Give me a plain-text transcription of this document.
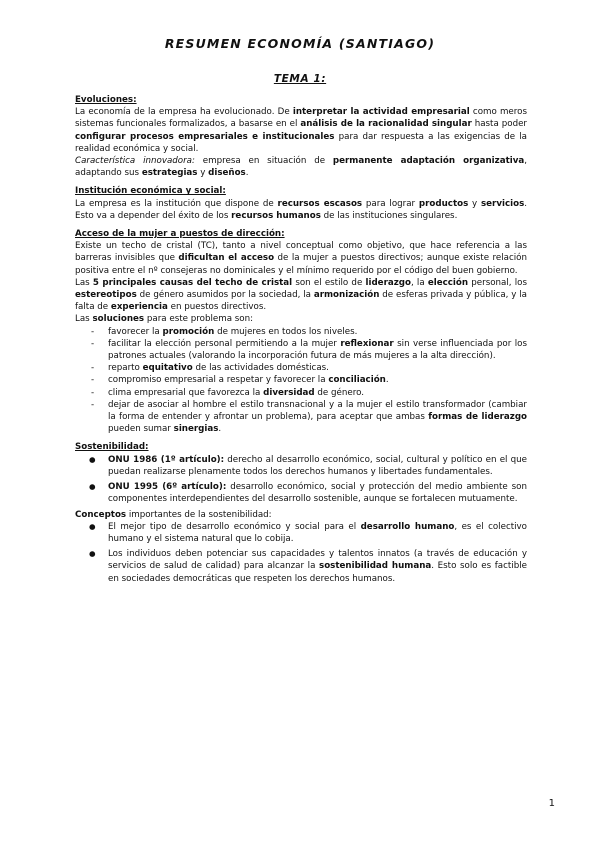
RESUMEN ECONOMÍA (SANTIAGO)
TEMA 1:
Evoluciones:

La economía de la empresa ha evolucionado. De interpretar la actividad empresarial como meros sistemas funcionales formalizados, a basarse en el análisis de la racionalidad singular hasta poder configurar procesos empresariales e institucionales para dar respuesta a las exigencias de la realidad económica y social.

Característica innovadora: empresa en situación de permanente adaptación organizativa, adaptando sus estrategias y diseños.

Institución económica y social:

La empresa es la institución que dispone de recursos escasos para lograr productos y servicios. Esto va a depender del éxito de los recursos humanos de las instituciones singulares.

Acceso de la mujer a puestos de dirección:

Existe un techo de cristal (TC), tanto a nivel conceptual como objetivo, que hace referencia a las barreras invisibles que dificultan el acceso de la mujer a puestos directivos; aunque existe relación positiva entre el nº consejeras no dominicales y el mínimo requerido por el código del buen gobierno.

Las 5 principales causas del techo de cristal son el estilo de liderazgo, la elección personal, los estereotipos de género asumidos por la sociedad, la armonización de esferas privada y pública, y la falta de experiencia en puestos directivos.

Las soluciones para este problema son:

- favorecer la promoción de mujeres en todos los niveles.
- facilitar la elección personal permitiendo a la mujer reflexionar sin verse influenciada por los patrones actuales (valorando la incorporación futura de más mujeres a la alta dirección).
- reparto equitativo de las actividades domésticas.
- compromiso empresarial a respetar y favorecer la conciliación.
- clima empresarial que favorezca la diversidad de género.
- dejar de asociar al hombre el estilo transnacional y a la mujer el estilo transformador (cambiar la forma de entender y afrontar un problema), para aceptar que ambas formas de liderazgo pueden sumar sinergias.
Sostenibilidad:
● ONU 1986 (1º artículo): derecho al desarrollo económico, social, cultural y político en el que puedan realizarse plenamente todos los derechos humanos y libertades fundamentales.
● ONU 1995 (6º artículo): desarrollo económico, social y protección del medio ambiente son componentes interdependientes del desarrollo sostenible, aunque se fortalecen mutuamente.

Conceptos importantes de la sostenibilidad:

● El mejor tipo de desarrollo económico y social para el desarrollo humano, es el colectivo humano y el sistema natural que lo cobija.
● Los individuos deben potenciar sus capacidades y talentos innatos (a través de educación y servicios de salud de calidad) para alcanzar la sostenibilidad humana. Esto solo es factible en sociedades democráticas que respeten los derechos humanos.
1
